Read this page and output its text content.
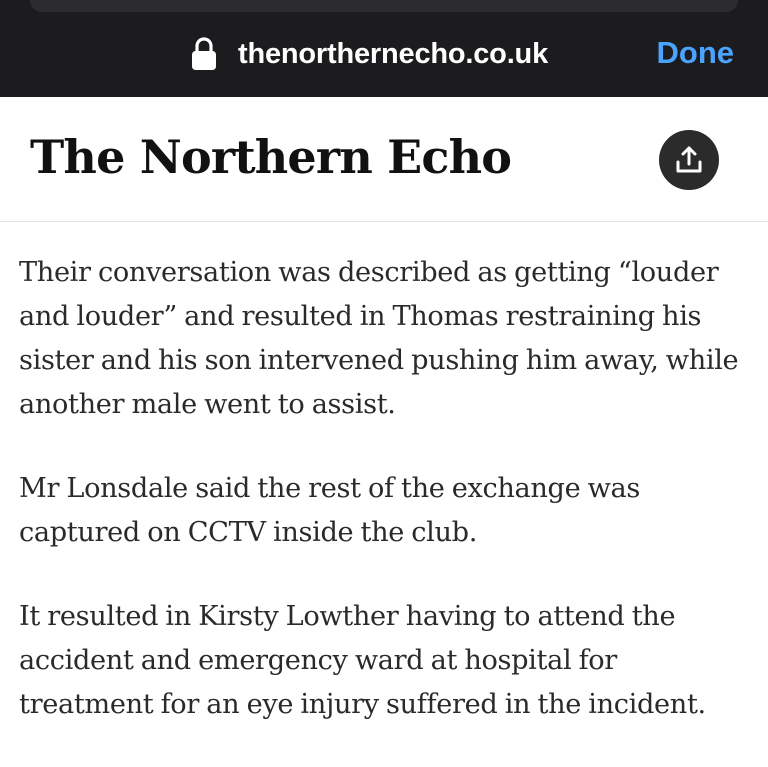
thenorthernecho.co.uk	Done
The Northern Echo

Their conversation was described as getting “louder and louder” and resulted in Thomas restraining his sister and his son intervened pushing him away, while another male went to assist.

Mr Lonsdale said the rest of the exchange was captured on CCTV inside the club.

It resulted in Kirsty Lowther having to attend the accident and emergency ward at hospital for treatment for an eye injury suffered in the incident.
